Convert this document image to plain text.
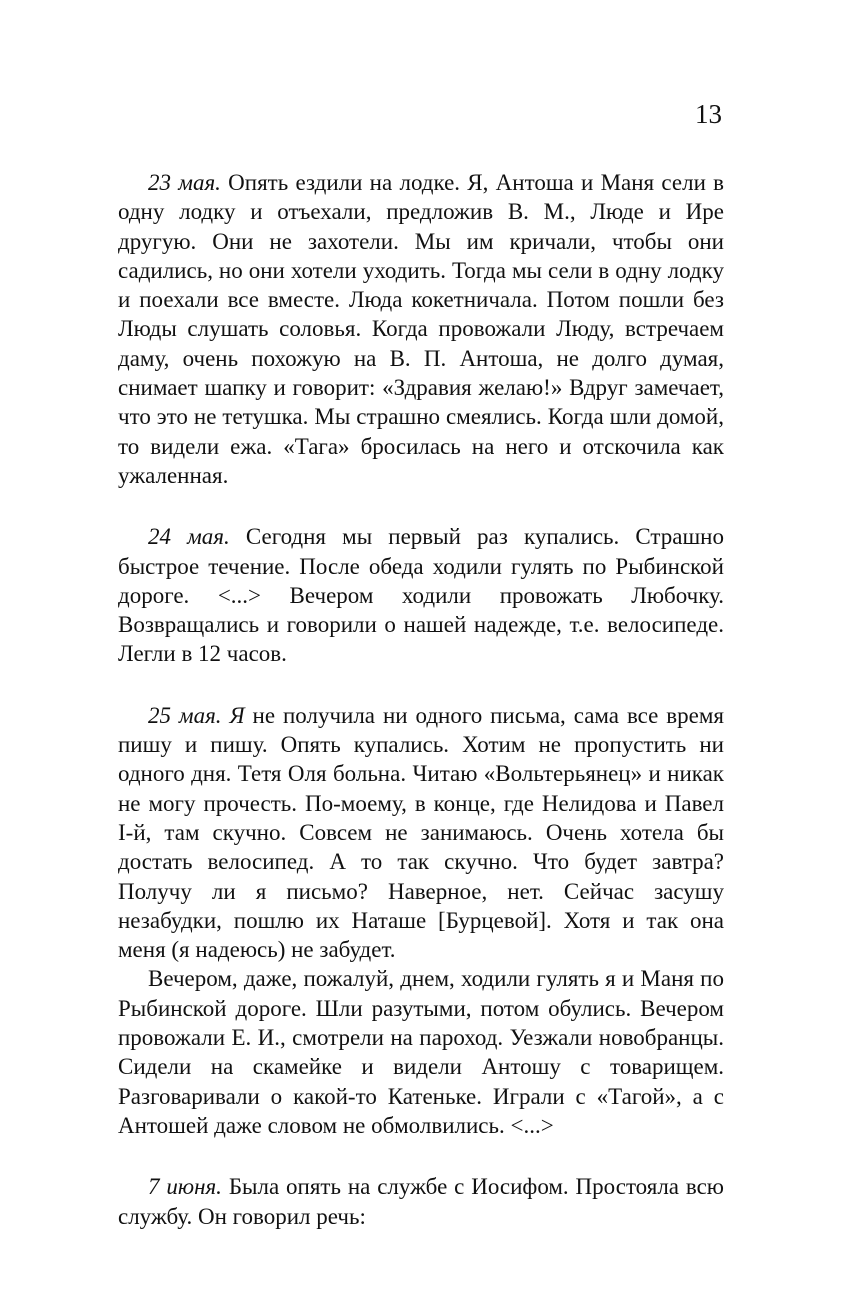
13

23 мая. Опять ездили на лодке. Я, Антоша и Маня сели в одну лодку и отъехали, предложив В. М., Люде и Ире другую. Они не захотели. Мы им кричали, чтобы они садились, но они хотели уходить. Тогда мы сели в одну лодку и поехали все вместе. Люда кокетничала. Потом пошли без Люды слушать соловья. Когда провожали Люду, встречаем даму, очень похожую на В. П. Антоша, не долго думая, снимает шапку и говорит: «Здравия желаю!» Вдруг замечает, что это не тетушка. Мы страшно смеялись. Когда шли домой, то видели ежа. «Тага» бросилась на него и отскочила как ужаленная.

24 мая. Сегодня мы первый раз купались. Страшно быстрое течение. После обеда ходили гулять по Рыбинской дороге. <...> Вечером ходили провожать Любочку. Возвращались и говорили о нашей надежде, т.е. велосипеде. Легли в 12 часов.

25 мая. Я не получила ни одного письма, сама все время пишу и пишу. Опять купались. Хотим не пропустить ни одного дня. Тетя Оля больна. Читаю «Вольтерьянец» и никак не могу прочесть. По-моему, в конце, где Нелидова и Павел I-й, там скучно. Совсем не занимаюсь. Очень хотела бы достать велосипед. А то так скучно. Что будет завтра? Получу ли я письмо? Наверное, нет. Сейчас засушу незабудки, пошлю их Наташе [Бурцевой]. Хотя и так она меня (я надеюсь) не забудет.

Вечером, даже, пожалуй, днем, ходили гулять я и Маня по Рыбинской дороге. Шли разутыми, потом обулись. Вечером провожали Е. И., смотрели на пароход. Уезжали новобранцы. Сидели на скамейке и видели Антошу с товарищем. Разговаривали о какой-то Катеньке. Играли с «Тагой», а с Антошей даже словом не обмолвились. <...>

7 июня. Была опять на службе с Иосифом. Простояла всю службу. Он говорил речь:
